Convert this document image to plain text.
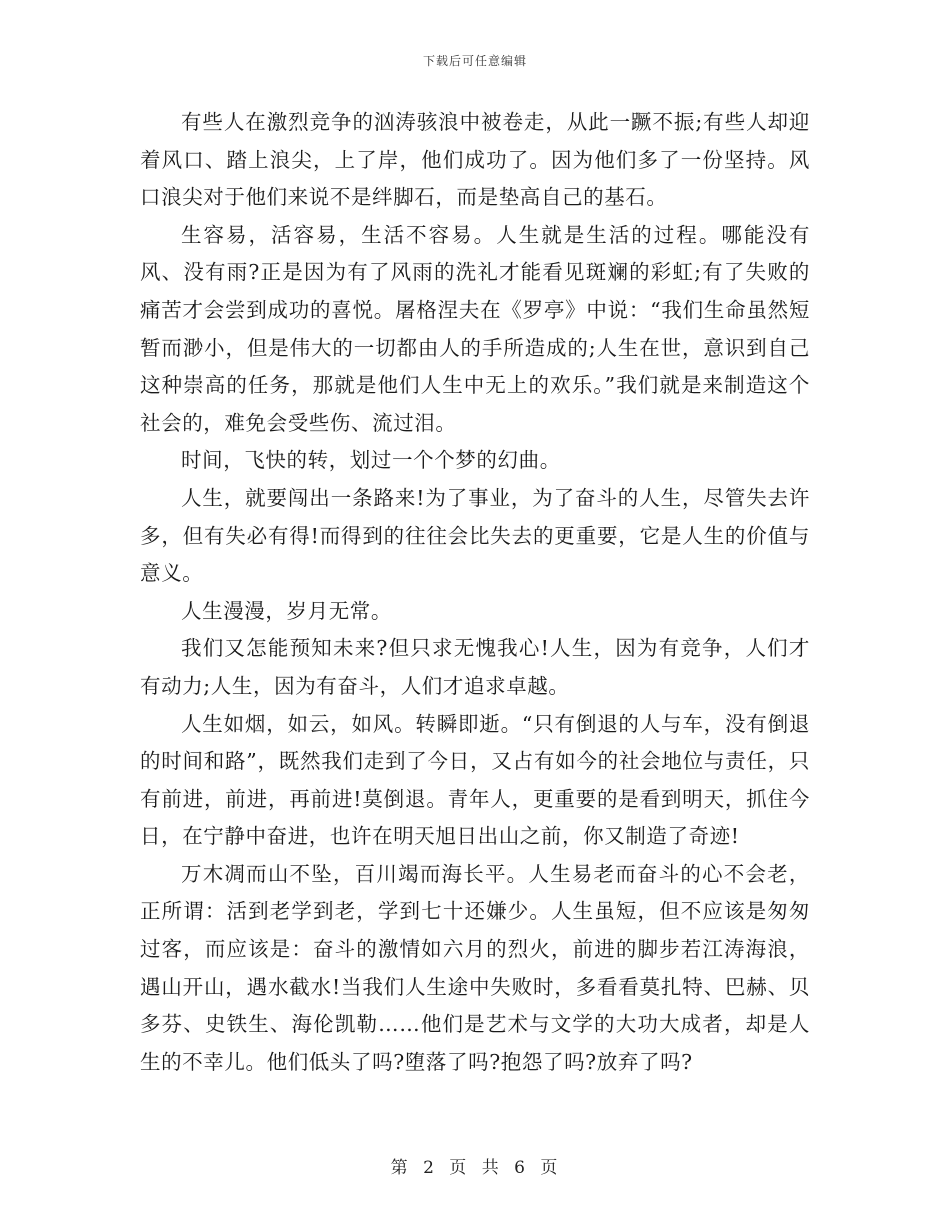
下载后可任意编辑

有些人在激烈竞争的汹涛骇浪中被卷走，从此一蹶不振;有些人却迎着风口、踏上浪尖，上了岸，他们成功了。因为他们多了一份坚持。风口浪尖对于他们来说不是绊脚石，而是垫高自己的基石。

生容易，活容易，生活不容易。人生就是生活的过程。哪能没有风、没有雨?正是因为有了风雨的洗礼才能看见斑斓的彩虹;有了失败的痛苦才会尝到成功的喜悦。屠格涅夫在《罗亭》中说：“我们生命虽然短暂而渺小，但是伟大的一切都由人的手所造成的;人生在世，意识到自己这种崇高的任务，那就是他们人生中无上的欢乐。”我们就是来制造这个社会的，难免会受些伤、流过泪。

时间，飞快的转，划过一个个梦的幻曲。

人生，就要闯出一条路来!为了事业，为了奋斗的人生，尽管失去许多，但有失必有得!而得到的往往会比失去的更重要，它是人生的价值与意义。

人生漫漫，岁月无常。

我们又怎能预知未来?但只求无愧我心!人生，因为有竞争，人们才有动力;人生，因为有奋斗，人们才追求卓越。

人生如烟，如云，如风。转瞬即逝。“只有倒退的人与车，没有倒退的时间和路”，既然我们走到了今日，又占有如今的社会地位与责任，只有前进，前进，再前进!莫倒退。青年人，更重要的是看到明天，抓住今日，在宁静中奋进，也许在明天旭日出山之前，你又制造了奇迹!

万木凋而山不坠，百川竭而海长平。人生易老而奋斗的心不会老，正所谓：活到老学到老，学到七十还嫌少。人生虽短，但不应该是匆匆过客，而应该是：奋斗的激情如六月的烈火，前进的脚步若江涛海浪，遇山开山，遇水截水!当我们人生途中失败时，多看看莫扎特、巴赫、贝多芬、史铁生、海伦凯勒……他们是艺术与文学的大功大成者，却是人生的不幸儿。他们低头了吗?堕落了吗?抱怨了吗?放弃了吗?

第 2 页 共 6 页
